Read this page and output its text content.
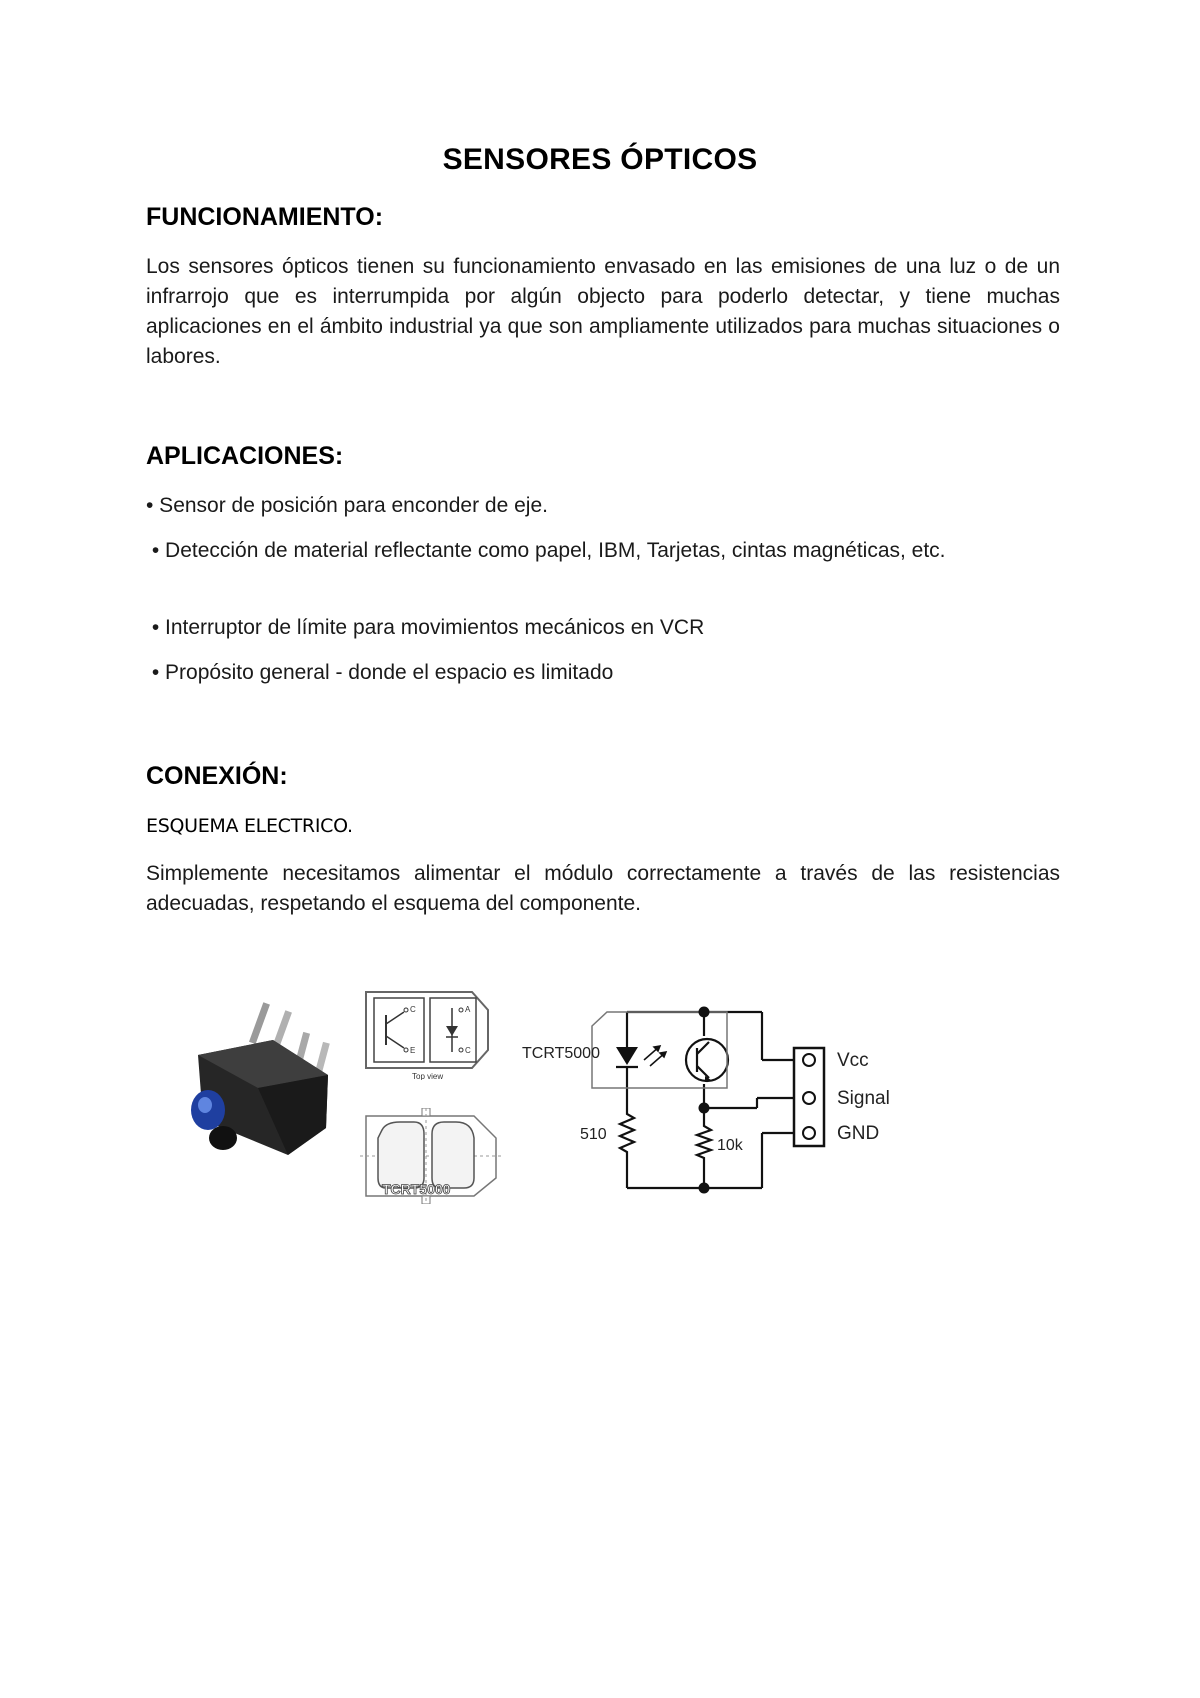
SENSORES ÓPTICOS
FUNCIONAMIENTO:
Los sensores ópticos tienen su funcionamiento envasado en las emisiones de una luz o de un infrarrojo que es interrumpida por algún objecto para poderlo detectar, y tiene muchas aplicaciones en el ámbito industrial ya que son ampliamente utilizados para muchas situaciones o labores.
APLICACIONES:
• Sensor de posición para enconder de eje.
• Detección de material reflectante como papel, IBM, Tarjetas, cintas magnéticas, etc.
• Interruptor de límite para movimientos mecánicos en VCR
• Propósito general - donde el espacio es limitado
CONEXIÓN:
ESQUEMA ELECTRICO.
Simplemente necesitamos alimentar el módulo correctamente a través de las resistencias adecuadas, respetando el esquema del componente.
C
E
A
C
Top view
TCRT5000
TCRT5000
510
10k
Vcc
Signal
GND
